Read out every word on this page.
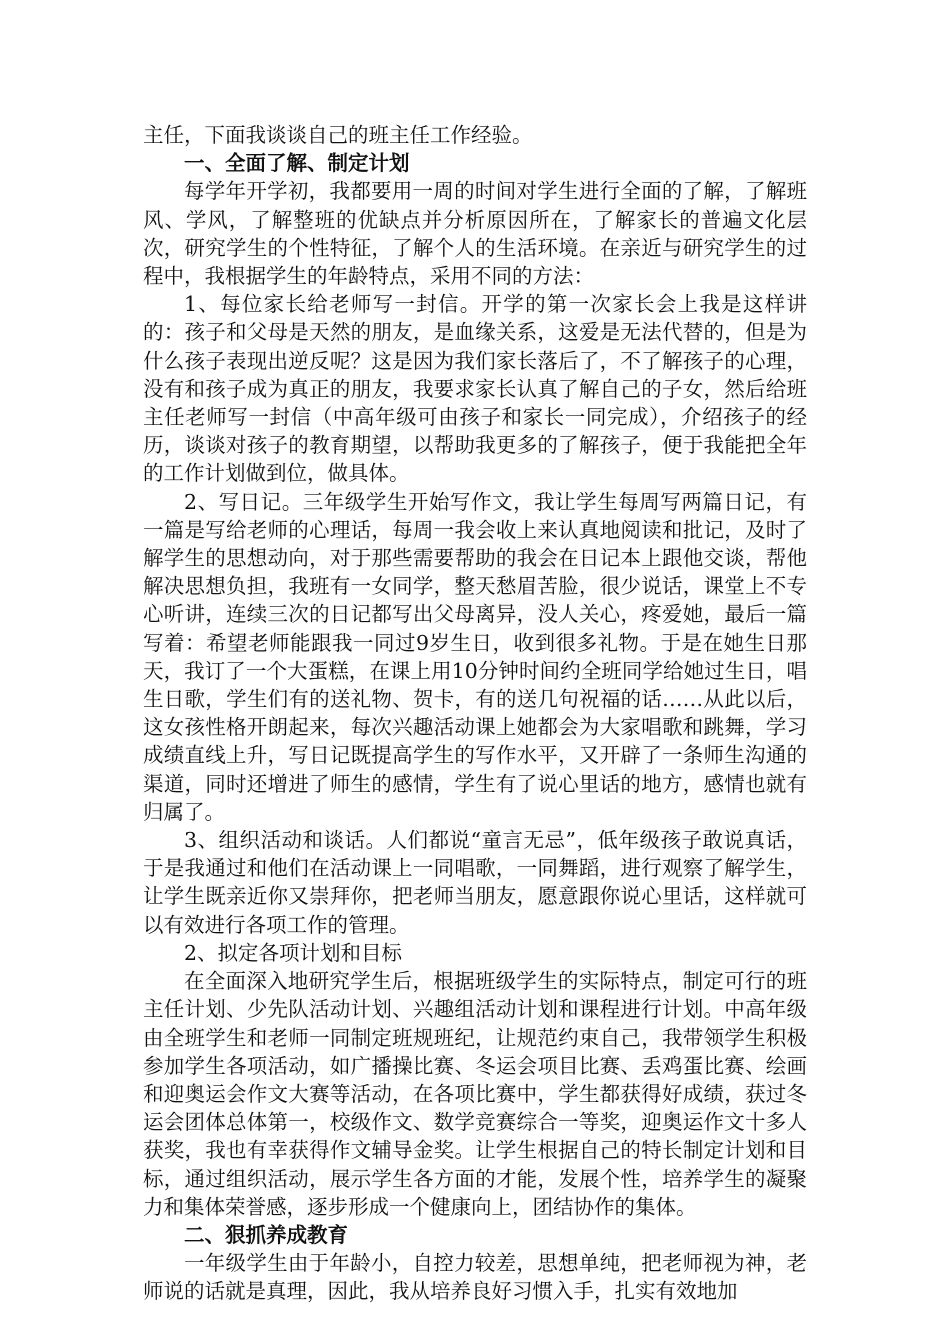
主任，下面我谈谈自己的班主任工作经验。

一、全面了解、制定计划

每学年开学初，我都要用一周的时间对学生进行全面的了解，了解班风、学风，了解整班的优缺点并分析原因所在，了解家长的普遍文化层次，研究学生的个性特征，了解个人的生活环境。在亲近与研究学生的过程中，我根据学生的年龄特点，采用不同的方法：

1、每位家长给老师写一封信。开学的第一次家长会上我是这样讲的：孩子和父母是天然的朋友，是血缘关系，这爱是无法代替的，但是为什么孩子表现出逆反呢？这是因为我们家长落后了，不了解孩子的心理，没有和孩子成为真正的朋友，我要求家长认真了解自己的子女，然后给班主任老师写一封信（中高年级可由孩子和家长一同完成），介绍孩子的经历，谈谈对孩子的教育期望，以帮助我更多的了解孩子，便于我能把全年的工作计划做到位，做具体。

2、写日记。三年级学生开始写作文，我让学生每周写两篇日记，有一篇是写给老师的心理话，每周一我会收上来认真地阅读和批记，及时了解学生的思想动向，对于那些需要帮助的我会在日记本上跟他交谈，帮他解决思想负担，我班有一女同学，整天愁眉苦脸，很少说话，课堂上不专心听讲，连续三次的日记都写出父母离异，没人关心，疼爱她，最后一篇写着：希望老师能跟我一同过9岁生日，收到很多礼物。于是在她生日那天，我订了一个大蛋糕，在课上用10分钟时间约全班同学给她过生日，唱生日歌，学生们有的送礼物、贺卡，有的送几句祝福的话……从此以后，这女孩性格开朗起来，每次兴趣活动课上她都会为大家唱歌和跳舞，学习成绩直线上升，写日记既提高学生的写作水平，又开辟了一条师生沟通的渠道，同时还增进了师生的感情，学生有了说心里话的地方，感情也就有归属了。

3、组织活动和谈话。人们都说“童言无忌”，低年级孩子敢说真话，于是我通过和他们在活动课上一同唱歌，一同舞蹈，进行观察了解学生，让学生既亲近你又崇拜你，把老师当朋友，愿意跟你说心里话，这样就可以有效进行各项工作的管理。

2、拟定各项计划和目标

在全面深入地研究学生后，根据班级学生的实际特点，制定可行的班主任计划、少先队活动计划、兴趣组活动计划和课程进行计划。中高年级由全班学生和老师一同制定班规班纪，让规范约束自己，我带领学生积极参加学生各项活动，如广播操比赛、冬运会项目比赛、丢鸡蛋比赛、绘画和迎奥运会作文大赛等活动，在各项比赛中，学生都获得好成绩，获过冬运会团体总体第一，校级作文、数学竞赛综合一等奖，迎奥运作文十多人获奖，我也有幸获得作文辅导金奖。让学生根据自己的特长制定计划和目标，通过组织活动，展示学生各方面的才能，发展个性，培养学生的凝聚力和集体荣誉感，逐步形成一个健康向上，团结协作的集体。

二、狠抓养成教育

一年级学生由于年龄小，自控力较差，思想单纯，把老师视为神，老师说的话就是真理，因此，我从培养良好习惯入手，扎实有效地加
